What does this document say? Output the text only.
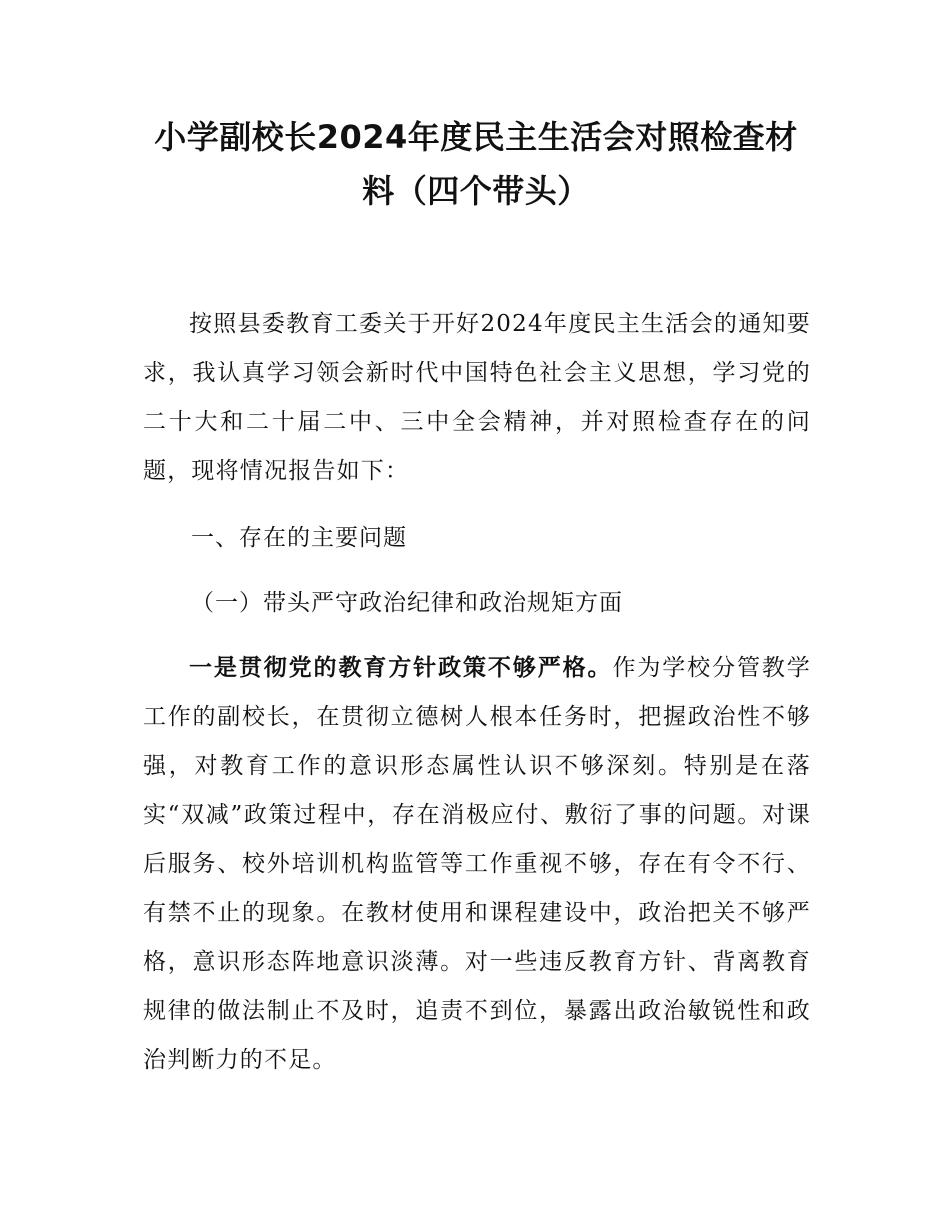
小学副校长2024年度民主生活会对照检查材料（四个带头）

按照县委教育工委关于开好2024年度民主生活会的通知要求，我认真学习领会新时代中国特色社会主义思想，学习党的二十大和二十届二中、三中全会精神，并对照检查存在的问题，现将情况报告如下：

一、存在的主要问题

（一）带头严守政治纪律和政治规矩方面

一是贯彻党的教育方针政策不够严格。作为学校分管教学工作的副校长，在贯彻立德树人根本任务时，把握政治性不够强，对教育工作的意识形态属性认识不够深刻。特别是在落实“双减”政策过程中，存在消极应付、敷衍了事的问题。对课后服务、校外培训机构监管等工作重视不够，存在有令不行、有禁不止的现象。在教材使用和课程建设中，政治把关不够严格，意识形态阵地意识淡薄。对一些违反教育方针、背离教育规律的做法制止不及时，追责不到位，暴露出政治敏锐性和政治判断力的不足。
